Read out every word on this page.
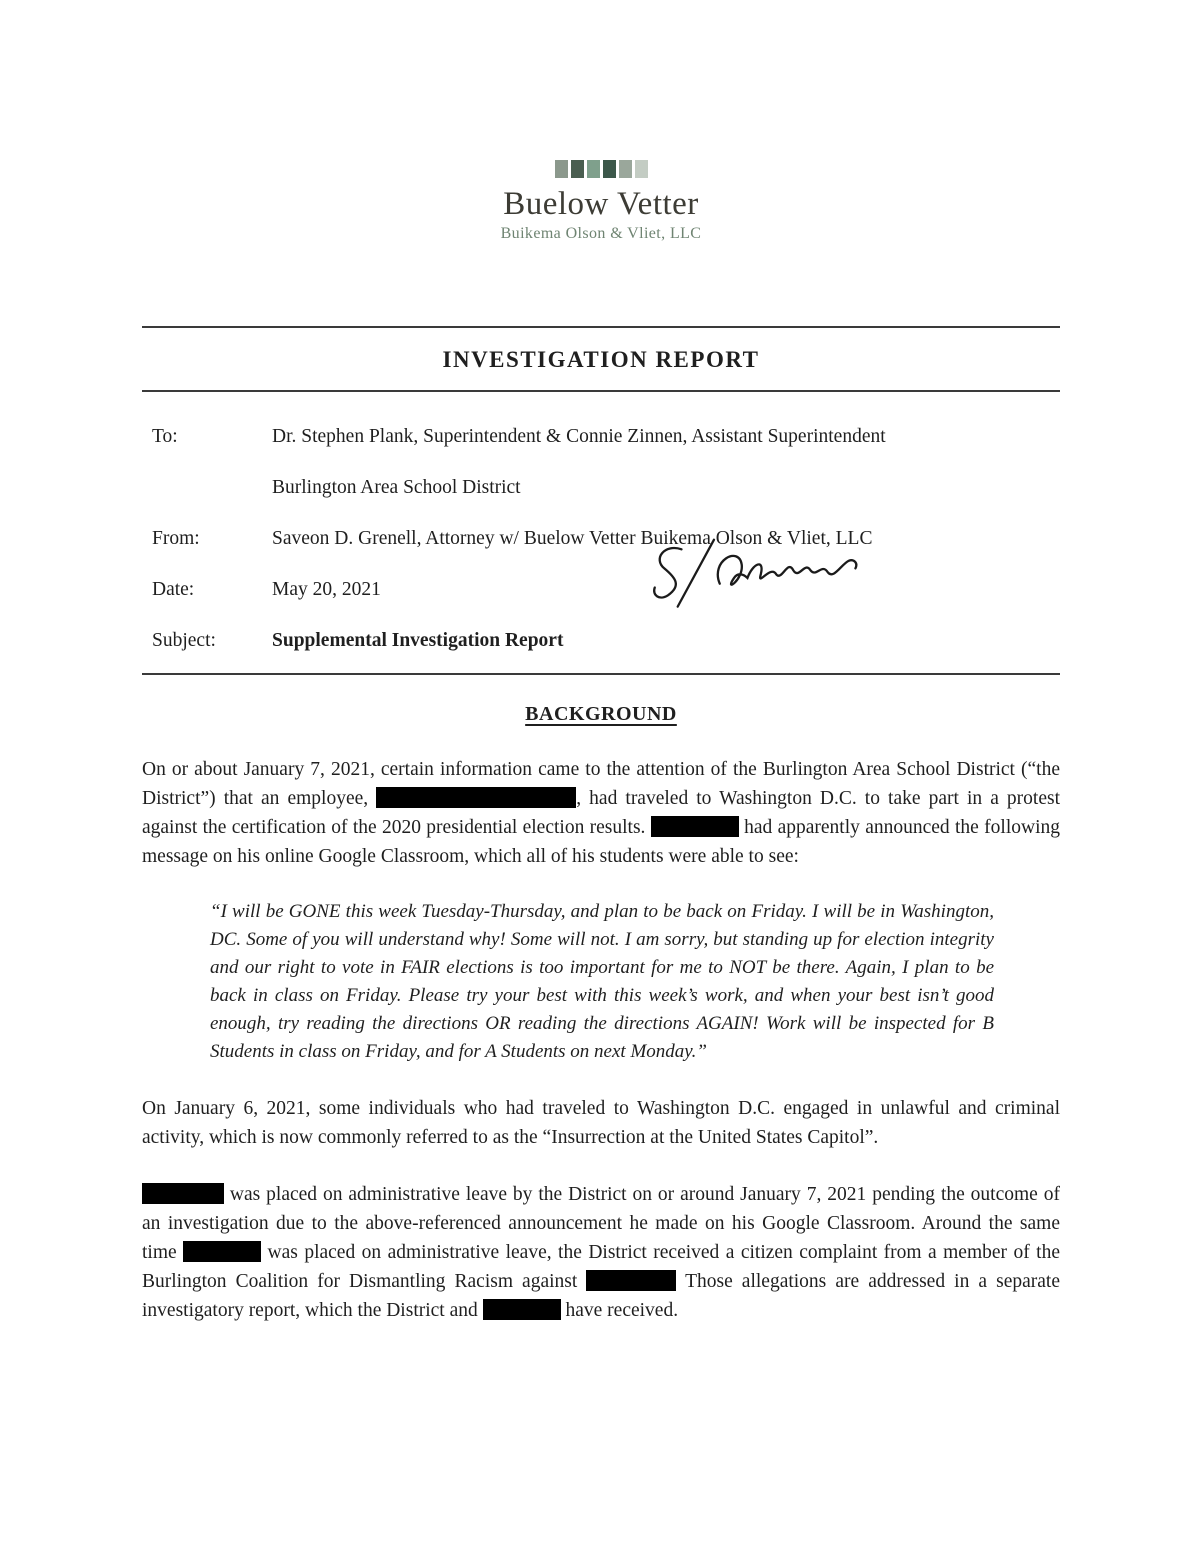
Buelow Vetter
Buikema Olson & Vliet, LLC
INVESTIGATION REPORT
To:	Dr. Stephen Plank, Superintendent & Connie Zinnen, Assistant Superintendent
Burlington Area School District
From:	Saveon D. Grenell, Attorney w/ Buelow Vetter Buikema Olson & Vliet, LLC
Date:	May 20, 2021
Subject:	Supplemental Investigation Report
BACKGROUND

On or about January 7, 2021, certain information came to the attention of the Burlington Area School District (“the District”) that an employee,	, had traveled to Washington D.C. to take part in a protest against the certification of the 2020 presidential election results.	had apparently announced the following message on his online Google Classroom, which all of his students were able to see:

“I will be GONE this week Tuesday-Thursday, and plan to be back on Friday. I will be in Washington, DC. Some of you will understand why! Some will not. I am sorry, but standing up for election integrity and our right to vote in FAIR elections is too important for me to NOT be there. Again, I plan to be back in class on Friday. Please try your best with this week’s work, and when your best isn’t good enough, try reading the directions OR reading the directions AGAIN! Work will be inspected for B Students in class on Friday, and for A Students on next Monday.”

On January 6, 2021, some individuals who had traveled to Washington D.C. engaged in unlawful and criminal activity, which is now commonly referred to as the “Insurrection at the United States Capitol”.

was placed on administrative leave by the District on or around January 7, 2021 pending the outcome of an investigation due to the above-referenced announcement he made on his Google Classroom. Around the same time	was placed on administrative leave, the District received a citizen complaint from a member of the Burlington Coalition for Dismantling Racism against	Those allegations are addressed in a separate investigatory report, which the District and	have received.
